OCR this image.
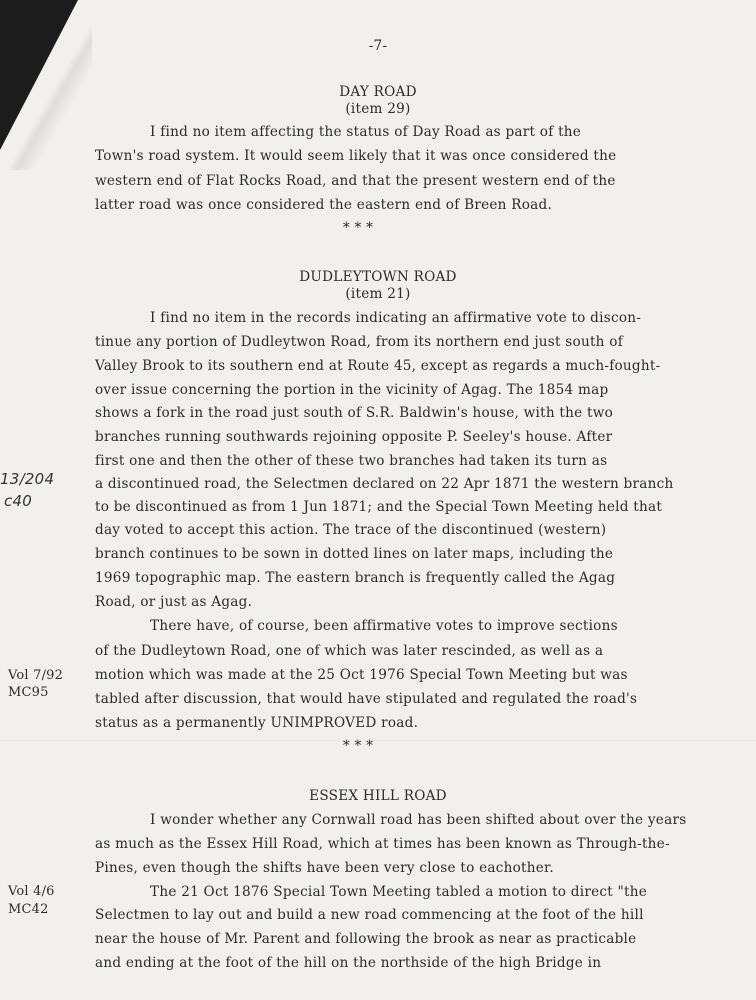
-7-
DAY ROAD
(item 29)
I find no item affecting the status of Day Road as part of the
Town's road system. It would seem likely that it was once considered the
western end of Flat Rocks Road, and that the present western end of the
latter road was once considered the eastern end of Breen Road.
* * *
DUDLEYTOWN ROAD
(item 21)
I find no item in the records indicating an affirmative vote to discon-
tinue any portion of Dudleytwon Road, from its northern end just south of
Valley Brook to its southern end at Route 45, except as regards a much-fought-
over issue concerning the portion in the vicinity of Agag. The 1854 map
shows a fork in the road just south of S.R. Baldwin's house, with the two
branches running southwards rejoining opposite P. Seeley's house. After
first one and then the other of these two branches had taken its turn as
a discontinued road, the Selectmen declared on 22 Apr 1871 the western branch
to be discontinued as from 1 Jun 1871; and the Special Town Meeting held that
day voted to accept this action. The trace of the discontinued (western)
branch continues to be sown in dotted lines on later maps, including the
1969 topographic map. The eastern branch is frequently called the Agag
Road, or just as Agag.
There have, of course, been affirmative votes to improve sections
of the Dudleytown Road, one of which was later rescinded, as well as a
motion which was made at the 25 Oct 1976 Special Town Meeting but was
tabled after discussion, that would have stipulated and regulated the road's
status as a permanently UNIMPROVED road.
* * *
ESSEX HILL ROAD
I wonder whether any Cornwall road has been shifted about over the years
as much as the Essex Hill Road, which at times has been known as Through-the-
Pines, even though the shifts have been very close to eachother.
The 21 Oct 1876 Special Town Meeting tabled a motion to direct "the
Selectmen to lay out and build a new road commencing at the foot of the hill
near the house of Mr. Parent and following the brook as near as practicable
and ending at the foot of the hill on the northside of the high Bridge in
13/204
c40
Vol 7/92
MC95
Vol 4/6
MC42
